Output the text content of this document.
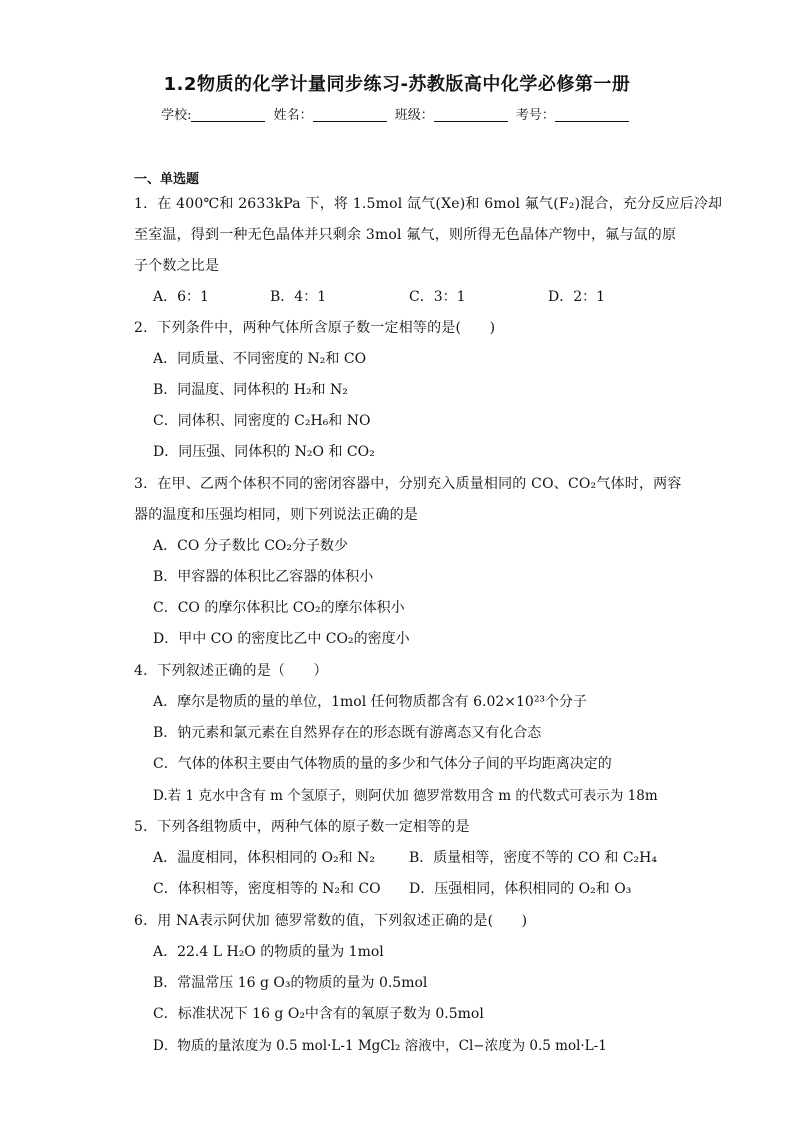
1.2物质的化学计量同步练习-苏教版高中化学必修第一册
学校:	姓名：	班级：	考号：
一、单选题
1．在 400℃和 2633kPa 下，将 1.5mol 氙气(Xe)和 6mol 氟气(F₂)混合，充分反应后冷却
至室温，得到一种无色晶体并只剩余 3mol 氟气，则所得无色晶体产物中，氟与氙的原
子个数之比是
A．6：1	B．4：1	C．3：1	D．2：1
2．下列条件中，两种气体所含原子数一定相等的是(　　)
A．同质量、不同密度的 N₂和 CO
B．同温度、同体积的 H₂和 N₂
C．同体积、同密度的 C₂H₆和 NO
D．同压强、同体积的 N₂O 和 CO₂
3．在甲、乙两个体积不同的密闭容器中，分别充入质量相同的 CO、CO₂气体时，两容
器的温度和压强均相同，则下列说法正确的是
A．CO 分子数比 CO₂分子数少
B．甲容器的体积比乙容器的体积小
C．CO 的摩尔体积比 CO₂的摩尔体积小
D．甲中 CO 的密度比乙中 CO₂的密度小
4．下列叙述正确的是（　　）
A．摩尔是物质的量的单位，1mol 任何物质都含有 6.02×10²³个分子
B．钠元素和氯元素在自然界存在的形态既有游离态又有化合态
C．气体的体积主要由气体物质的量的多少和气体分子间的平均距离决定的
D.若 1 克水中含有 m 个氢原子，则阿伏加 德罗常数用含 m 的代数式可表示为 18m
5．下列各组物质中，两种气体的原子数一定相等的是
A．温度相同，体积相同的 O₂和 N₂ B．质量相等，密度不等的 CO 和 C₂H₄
C．体积相等，密度相等的 N₂和 CO D．压强相同，体积相同的 O₂和 O₃
6．用 NA表示阿伏加 德罗常数的值，下列叙述正确的是(　　)
A．22.4 L H₂O 的物质的量为 1mol
B．常温常压 16 g O₃的物质的量为 0.5mol
C．标准状况下 16 g O₂中含有的氧原子数为 0.5mol
D．物质的量浓度为 0.5 mol·L-1 MgCl₂ 溶液中，Cl−浓度为 0.5 mol·L-1
